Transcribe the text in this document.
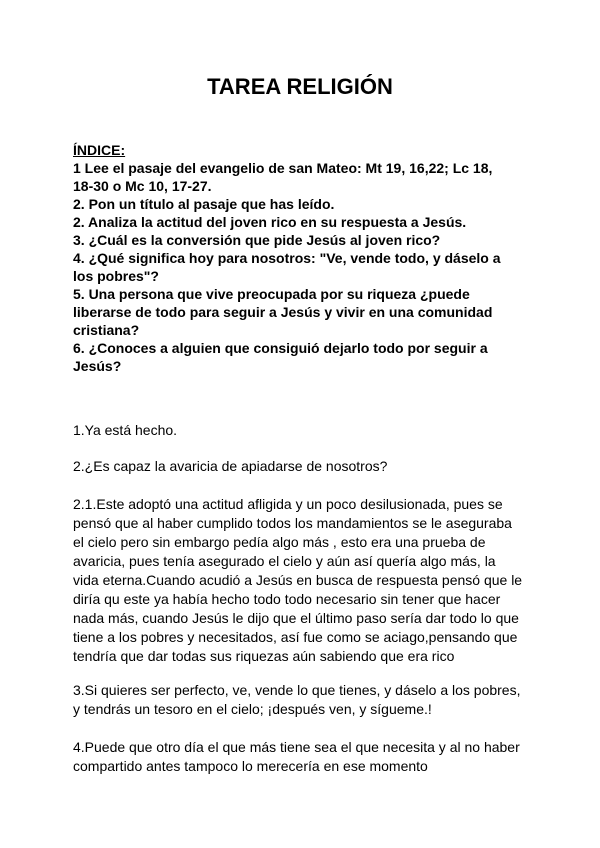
TAREA RELIGIÓN
ÍNDICE:
1 Lee el pasaje del evangelio de san Mateo: Mt 19, 16,22; Lc 18,
18-30 o Mc 10, 17-27.
2. Pon un título al pasaje que has leído.
2. Analiza la actitud del joven rico en su respuesta a Jesús.
3. ¿Cuál es la conversión que pide Jesús al joven rico?
4. ¿Qué significa hoy para nosotros: "Ve, vende todo, y dáselo a
los pobres"?
5. Una persona que vive preocupada por su riqueza ¿puede
liberarse de todo para seguir a Jesús y vivir en una comunidad
cristiana?
6. ¿Conoces a alguien que consiguió dejarlo todo por seguir a
Jesús?
1.Ya está hecho.
2.¿Es capaz la avaricia de apiadarse de nosotros?
2.1.Este adoptó una actitud afligida y un poco desilusionada, pues se
pensó que al haber cumplido todos los mandamientos se le aseguraba
el cielo pero sin embargo pedía algo más , esto era una prueba de
avaricia, pues tenía asegurado el cielo y aún así quería algo más, la
vida eterna.Cuando acudió a Jesús en busca de respuesta pensó que le
diría qu este ya había hecho todo todo necesario sin tener que hacer
nada más, cuando Jesús le dijo que el último paso sería dar todo lo que
tiene a los pobres y necesitados, así fue como se aciago,pensando que
tendría que dar todas sus riquezas aún sabiendo que era rico
3.Si quieres ser perfecto, ve, vende lo que tienes, y dáselo a los pobres,
y tendrás un tesoro en el cielo; ¡después ven, y sígueme.!
4.Puede que otro día el que más tiene sea el que necesita y al no haber
compartido antes tampoco lo merecería en ese momento
